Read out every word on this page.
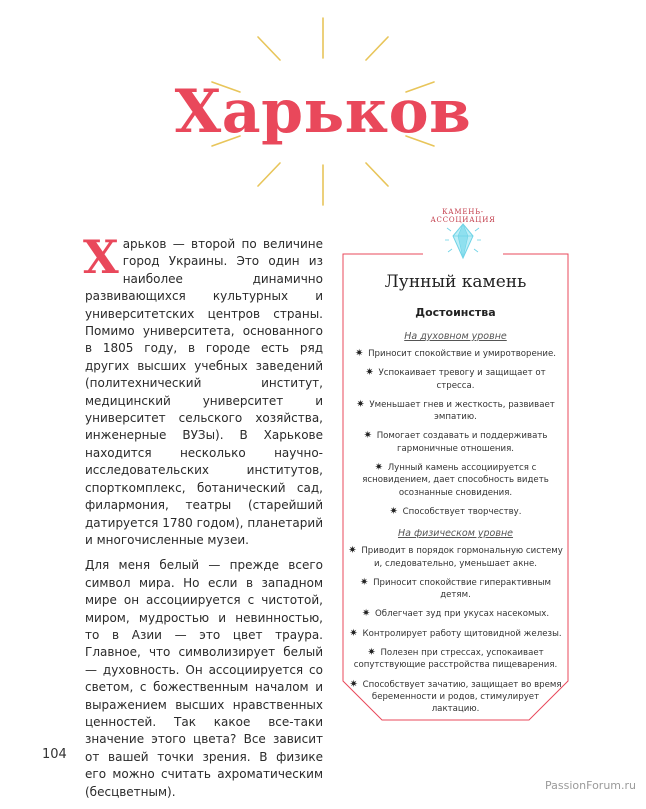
Харьков

Харьков — второй по величине город Украины. Это один из наиболее динамично развивающихся культурных и университетских центров страны. Помимо университета, основанного в 1805 году, в городе есть ряд других высших учебных заведений (политехнический институт, медицинский университет и университет сельского хозяйства, инженерные ВУЗы). В Харькове находится несколько научно-исследовательских институтов, спорткомплекс, ботанический сад, филармония, театры (старейший датируется 1780 годом), планетарий и многочисленные музеи.

Для меня белый — прежде всего символ мира. Но если в западном мире он ассоциируется с чистотой, миром, мудростью и невинностью, то в Азии — это цвет траура. Главное, что символизирует белый — духовность. Он ассоциируется со светом, с божественным началом и выражением высших нравственных ценностей. Так какое все-таки значение этого цвета? Все зависит от вашей точки зрения. В физике его можно считать ахроматическим (бесцветным).

КАМЕНЬ-АССОЦИАЦИЯ
Лунный камень
Достоинства
На духовном уровне
✷ Приносит спокойствие и умиротворение.
✷ Успокаивает тревогу и защищает от стресса.
✷ Уменьшает гнев и жесткость, развивает эмпатию.
✷ Помогает создавать и поддерживать гармоничные отношения.
✷ Лунный камень ассоциируется с ясновидением, дает способность видеть осознанные сновидения.
✷ Способствует творчеству.
На физическом уровне
✷ Приводит в порядок гормональную систему и, следовательно, уменьшает акне.
✷ Приносит спокойствие гиперактивным детям.
✷ Облегчает зуд при укусах насекомых.
✷ Контролирует работу щитовидной железы.
✷ Полезен при стрессах, успокаивает сопутствующие расстройства пищеварения.
✷ Способствует зачатию, защищает во время беременности и родов, стимулирует лактацию.
104
PassionForum.ru
